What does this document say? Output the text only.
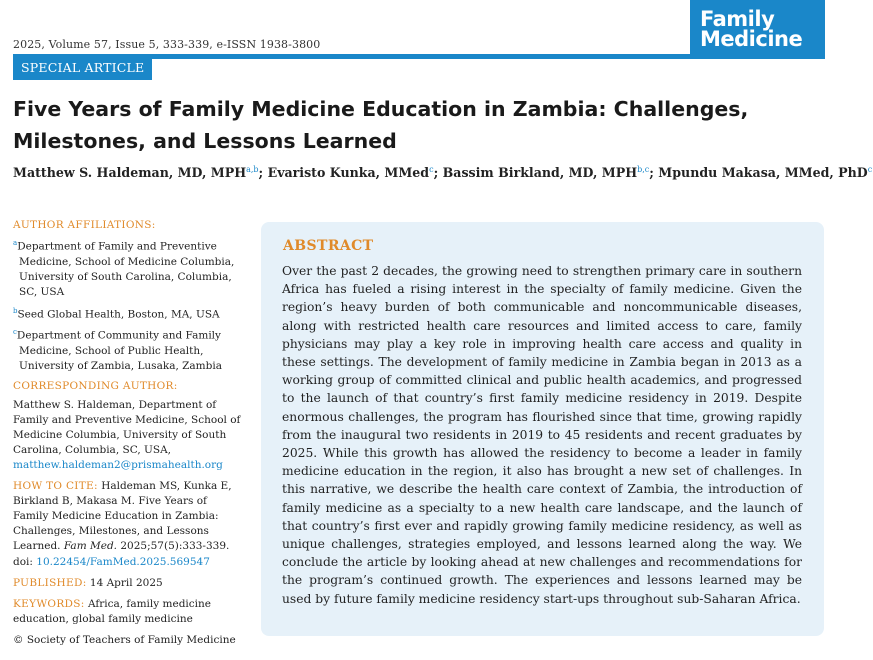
2025, Volume 57, Issue 5, 333-339, e-ISSN 1938-3800
Family
Medicine
SPECIAL ARTICLE
Five Years of Family Medicine Education in Zambia: Challenges, Milestones, and Lessons Learned
Matthew S. Haldeman, MD, MPH$^{a,b}$; Evaristo Kunka, MMed$^c$; Bassim Birkland, MD, MPH$^{b,c}$; Mpundu Makasa, MMed, PhD$^c$
AUTHOR AFFILIATIONS:

$^a$Department of Family and Preventive Medicine, School of Medicine Columbia, University of South Carolina, Columbia, SC, USA

$^b$Seed Global Health, Boston, MA, USA

$^c$Department of Community and Family Medicine, School of Public Health, University of Zambia, Lusaka, Zambia

CORRESPONDING AUTHOR:
Matthew S. Haldeman, Department of Family and Preventive Medicine, School of Medicine Columbia, University of South Carolina, Columbia, SC, USA,
matthew.haldeman2@prismahealth.org
HOW TO CITE: Haldeman MS, Kunka E, Birkland B, Makasa M. Five Years of Family Medicine Education in Zambia: Challenges, Milestones, and Lessons Learned. Fam Med. 2025;57(5):333-339.
doi: 10.22454/FamMed.2025.569547
PUBLISHED: 14 April 2025
KEYWORDS: Africa, family medicine education, global family medicine
© Society of Teachers of Family Medicine
ABSTRACT

Over the past 2 decades, the growing need to strengthen primary care in southern Africa has fueled a rising interest in the specialty of family medicine. Given the region’s heavy burden of both communicable and noncommunicable diseases, along with restricted health care resources and limited access to care, family physicians may play a key role in improving health care access and quality in these settings. The development of family medicine in Zambia began in 2013 as a working group of committed clinical and public health academics, and progressed to the launch of that country’s first family medicine residency in 2019. Despite enormous challenges, the program has flourished since that time, growing rapidly from the inaugural two residents in 2019 to 45 residents and recent graduates by 2025. While this growth has allowed the residency to become a leader in family medicine education in the region, it also has brought a new set of challenges. In this narrative, we describe the health care context of Zambia, the introduction of family medicine as a specialty to a new health care landscape, and the launch of that country’s first ever and rapidly growing family medicine residency, as well as unique challenges, strategies employed, and lessons learned along the way. We conclude the article by looking ahead at new challenges and recommendations for the program’s continued growth. The experiences and lessons learned may be used by future family medicine residency start-ups throughout sub-Saharan Africa.
